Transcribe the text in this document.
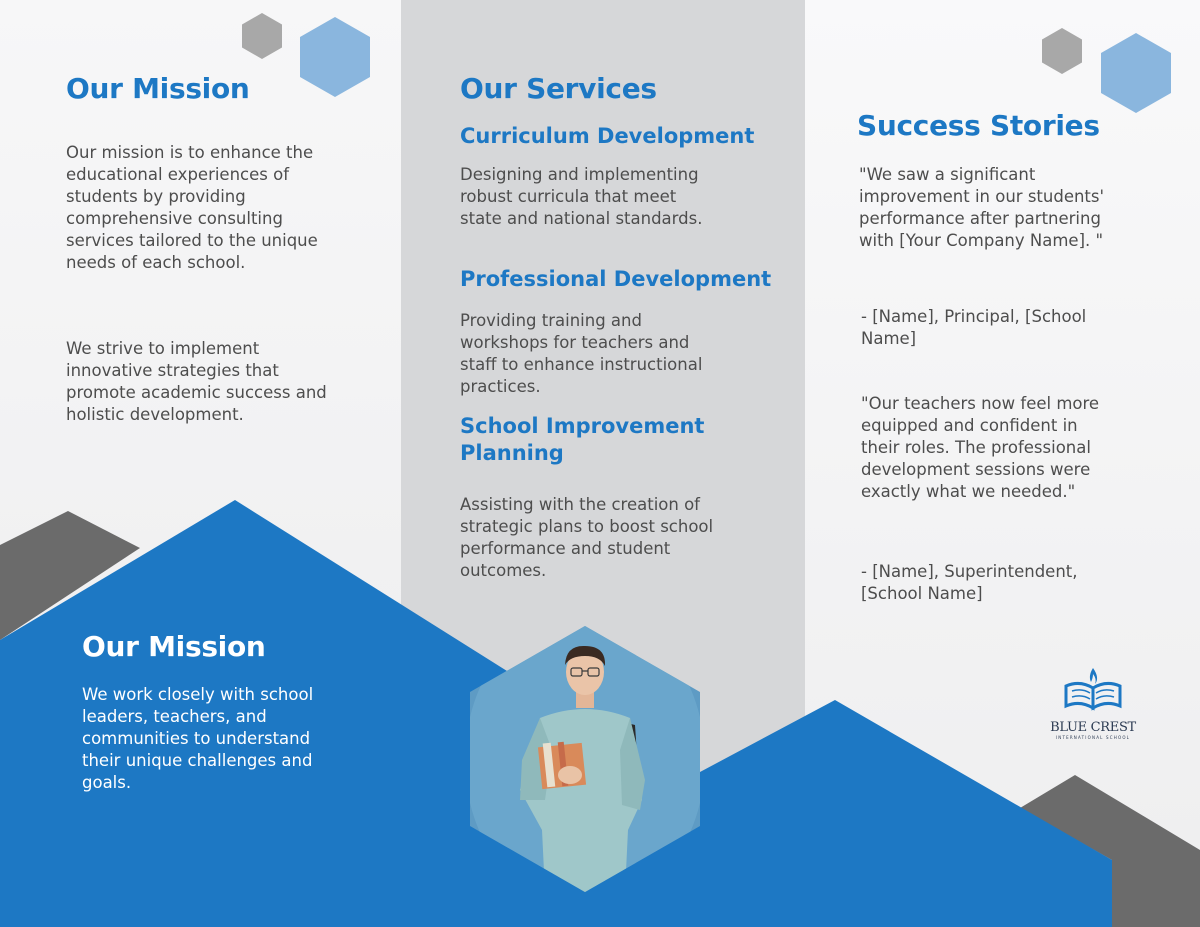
Our Mission

Our mission is to enhance the educational experiences of students by providing comprehensive consulting services tailored to the unique needs of each school.

We strive to implement innovative strategies that promote academic success and holistic development.

Our Mission

We work closely with school leaders, teachers, and communities to understand their unique challenges and goals.

Our Services
Curriculum Development

Designing and implementing robust curricula that meet state and national standards.

Professional Development

Providing training and workshops for teachers and staff to enhance instructional practices.

School Improvement Planning

Assisting with the creation of strategic plans to boost school performance and student outcomes.

Success Stories

"We saw a significant improvement in our students' performance after partnering with [Your Company Name]. "

- [Name], Principal, [School Name]

"Our teachers now feel more equipped and confident in their roles. The professional development sessions were exactly what we needed."

- [Name], Superintendent, [School Name]

BLUE CREST
INTERNATIONAL SCHOOL
